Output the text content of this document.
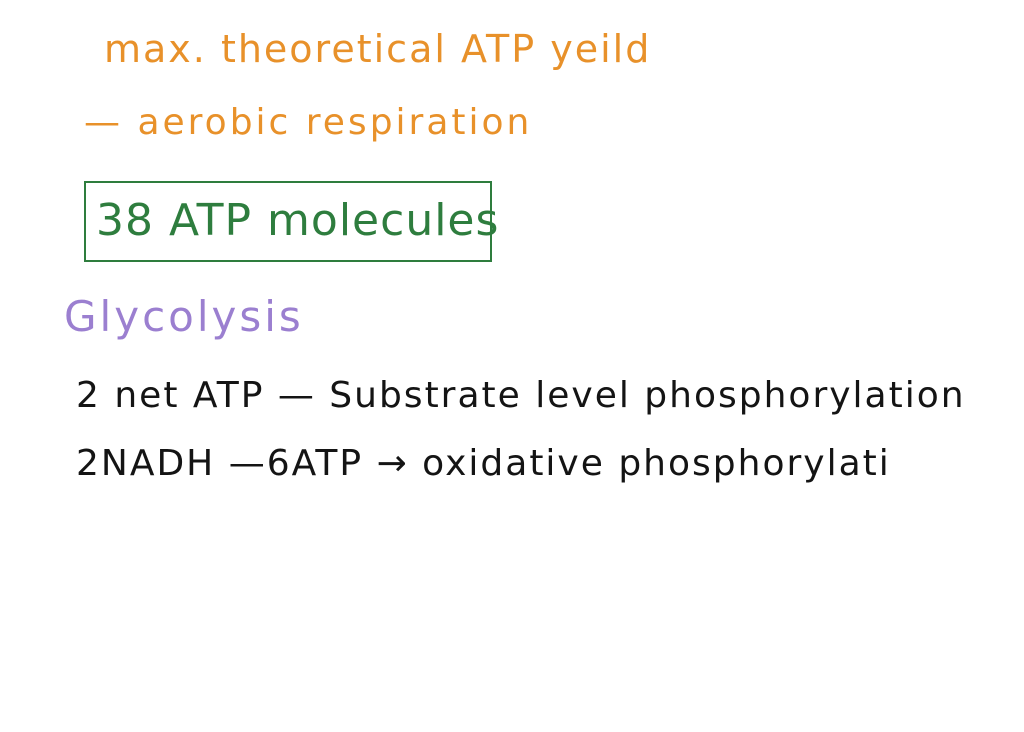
max. theoretical ATP yeild
— aerobic respiration
38 ATP molecules
Glycolysis
2 net ATP — Substrate level phosphorylation
2NADH —6ATP → oxidative phosphorylati
